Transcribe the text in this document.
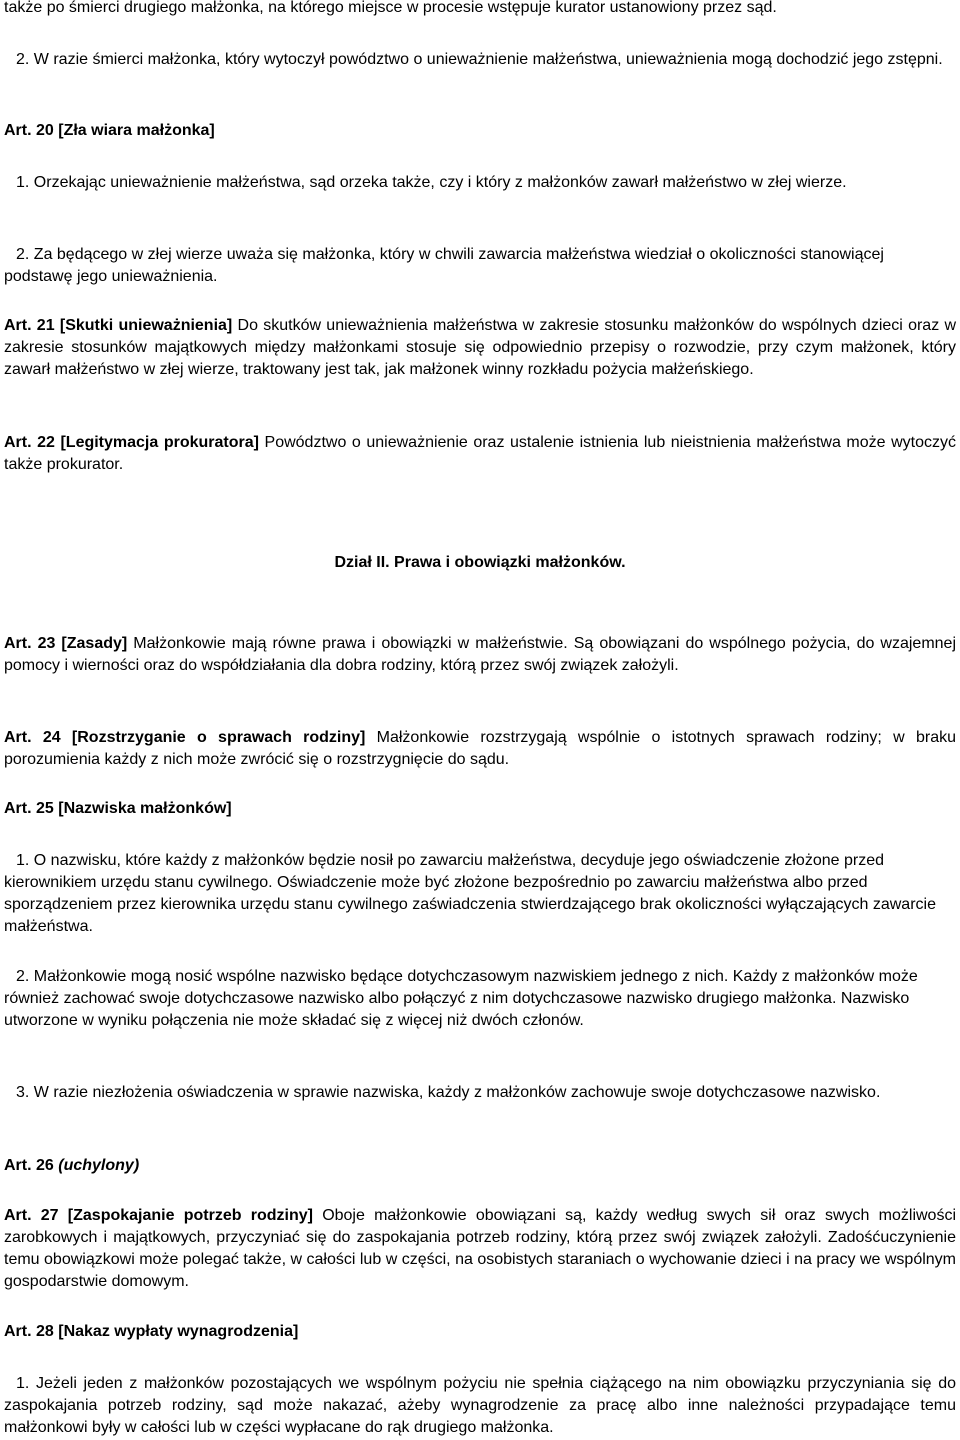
także po śmierci drugiego małżonka, na którego miejsce w procesie wstępuje kurator ustanowiony przez sąd.

2. W razie śmierci małżonka, który wytoczył powództwo o unieważnienie małżeństwa, unieważnienia mogą dochodzić jego zstępni.

Art. 20 [Zła wiara małżonka]

1. Orzekając unieważnienie małżeństwa, sąd orzeka także, czy i który z małżonków zawarł małżeństwo w złej wierze.

2. Za będącego w złej wierze uważa się małżonka, który w chwili zawarcia małżeństwa wiedział o okoliczności stanowiącej podstawę jego unieważnienia.

Art. 21 [Skutki unieważnienia] Do skutków unieważnienia małżeństwa w zakresie stosunku małżonków do wspólnych dzieci oraz w zakresie stosunków majątkowych między małżonkami stosuje się odpowiednio przepisy o rozwodzie, przy czym małżonek, który zawarł małżeństwo w złej wierze, traktowany jest tak, jak małżonek winny rozkładu pożycia małżeńskiego.

Art. 22 [Legitymacja prokuratora] Powództwo o unieważnienie oraz ustalenie istnienia lub nieistnienia małżeństwa może wytoczyć także prokurator.

Dział II. Prawa i obowiązki małżonków.

Art. 23 [Zasady] Małżonkowie mają równe prawa i obowiązki w małżeństwie. Są obowiązani do wspólnego pożycia, do wzajemnej pomocy i wierności oraz do współdziałania dla dobra rodziny, którą przez swój związek założyli.

Art. 24 [Rozstrzyganie o sprawach rodziny] Małżonkowie rozstrzygają wspólnie o istotnych sprawach rodziny; w braku porozumienia każdy z nich może zwrócić się o rozstrzygnięcie do sądu.

Art. 25 [Nazwiska małżonków]

1. O nazwisku, które każdy z małżonków będzie nosił po zawarciu małżeństwa, decyduje jego oświadczenie złożone przed kierownikiem urzędu stanu cywilnego. Oświadczenie może być złożone bezpośrednio po zawarciu małżeństwa albo przed sporządzeniem przez kierownika urzędu stanu cywilnego zaświadczenia stwierdzającego brak okoliczności wyłączających zawarcie małżeństwa.

2. Małżonkowie mogą nosić wspólne nazwisko będące dotychczasowym nazwiskiem jednego z nich. Każdy z małżonków może również zachować swoje dotychczasowe nazwisko albo połączyć z nim dotychczasowe nazwisko drugiego małżonka. Nazwisko utworzone w wyniku połączenia nie może składać się z więcej niż dwóch członów.

3. W razie niezłożenia oświadczenia w sprawie nazwiska, każdy z małżonków zachowuje swoje dotychczasowe nazwisko.

Art. 26 (uchylony)

Art. 27 [Zaspokajanie potrzeb rodziny] Oboje małżonkowie obowiązani są, każdy według swych sił oraz swych możliwości zarobkowych i majątkowych, przyczyniać się do zaspokajania potrzeb rodziny, którą przez swój związek założyli. Zadośćuczynienie temu obowiązkowi może polegać także, w całości lub w części, na osobistych staraniach o wychowanie dzieci i na pracy we wspólnym gospodarstwie domowym.

Art. 28 [Nakaz wypłaty wynagrodzenia]

1. Jeżeli jeden z małżonków pozostających we wspólnym pożyciu nie spełnia ciążącego na nim obowiązku przyczyniania się do zaspokajania potrzeb rodziny, sąd może nakazać, ażeby wynagrodzenie za pracę albo inne należności przypadające temu małżonkowi były w całości lub w części wypłacane do rąk drugiego małżonka.
